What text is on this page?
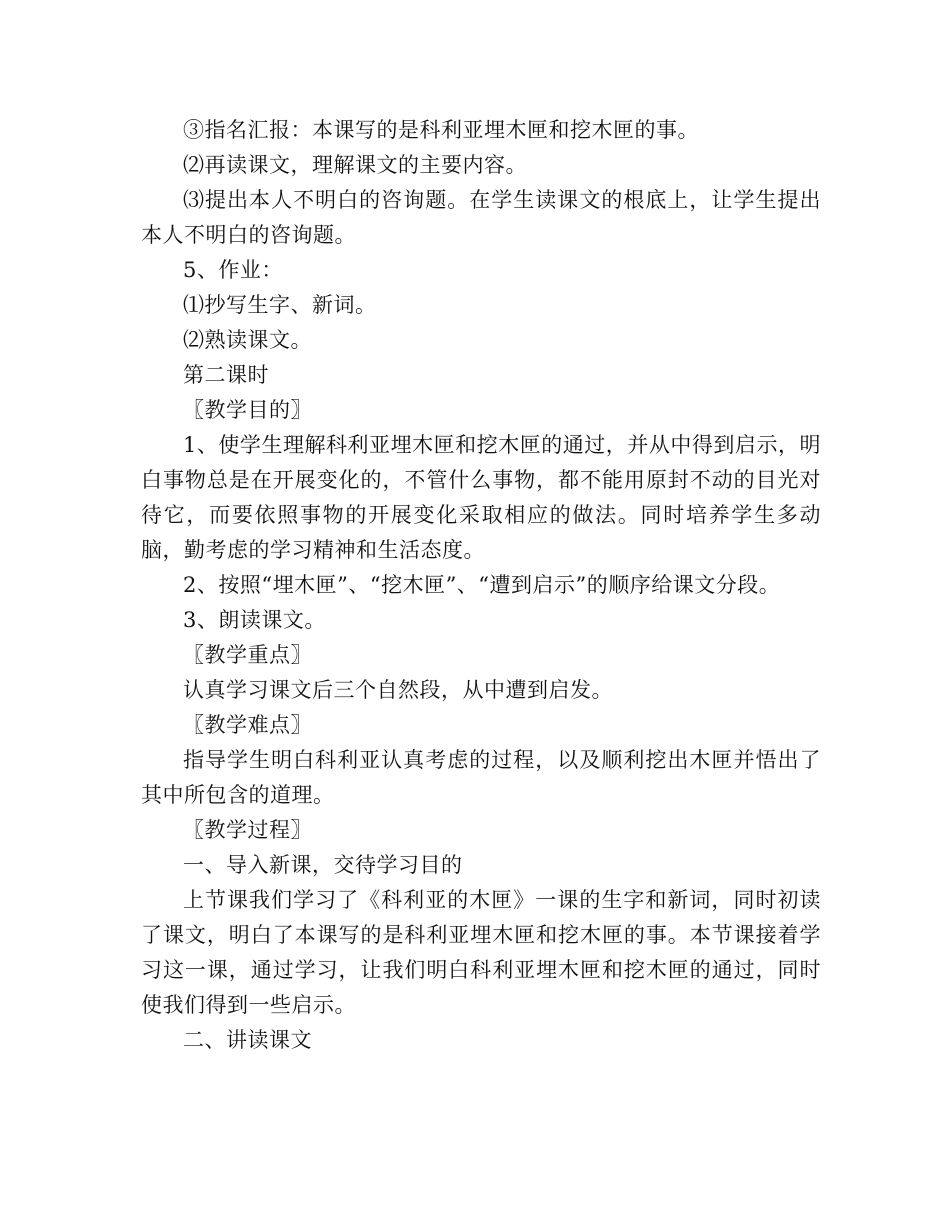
③指名汇报：本课写的是科利亚埋木匣和挖木匣的事。

⑵再读课文，理解课文的主要内容。

⑶提出本人不明白的咨询题。在学生读课文的根底上，让学生提出本人不明白的咨询题。

5、作业：

⑴抄写生字、新词。

⑵熟读课文。

第二课时

〖教学目的〗

1、使学生理解科利亚埋木匣和挖木匣的通过，并从中得到启示，明白事物总是在开展变化的，不管什么事物，都不能用原封不动的目光对待它，而要依照事物的开展变化采取相应的做法。同时培养学生多动脑，勤考虑的学习精神和生活态度。

2、按照“埋木匣”、“挖木匣”、“遭到启示”的顺序给课文分段。

3、朗读课文。

〖教学重点〗

认真学习课文后三个自然段，从中遭到启发。

〖教学难点〗

指导学生明白科利亚认真考虑的过程，以及顺利挖出木匣并悟出了其中所包含的道理。

〖教学过程〗

一、导入新课，交待学习目的

上节课我们学习了《科利亚的木匣》一课的生字和新词，同时初读了课文，明白了本课写的是科利亚埋木匣和挖木匣的事。本节课接着学习这一课，通过学习，让我们明白科利亚埋木匣和挖木匣的通过，同时使我们得到一些启示。

二、讲读课文
